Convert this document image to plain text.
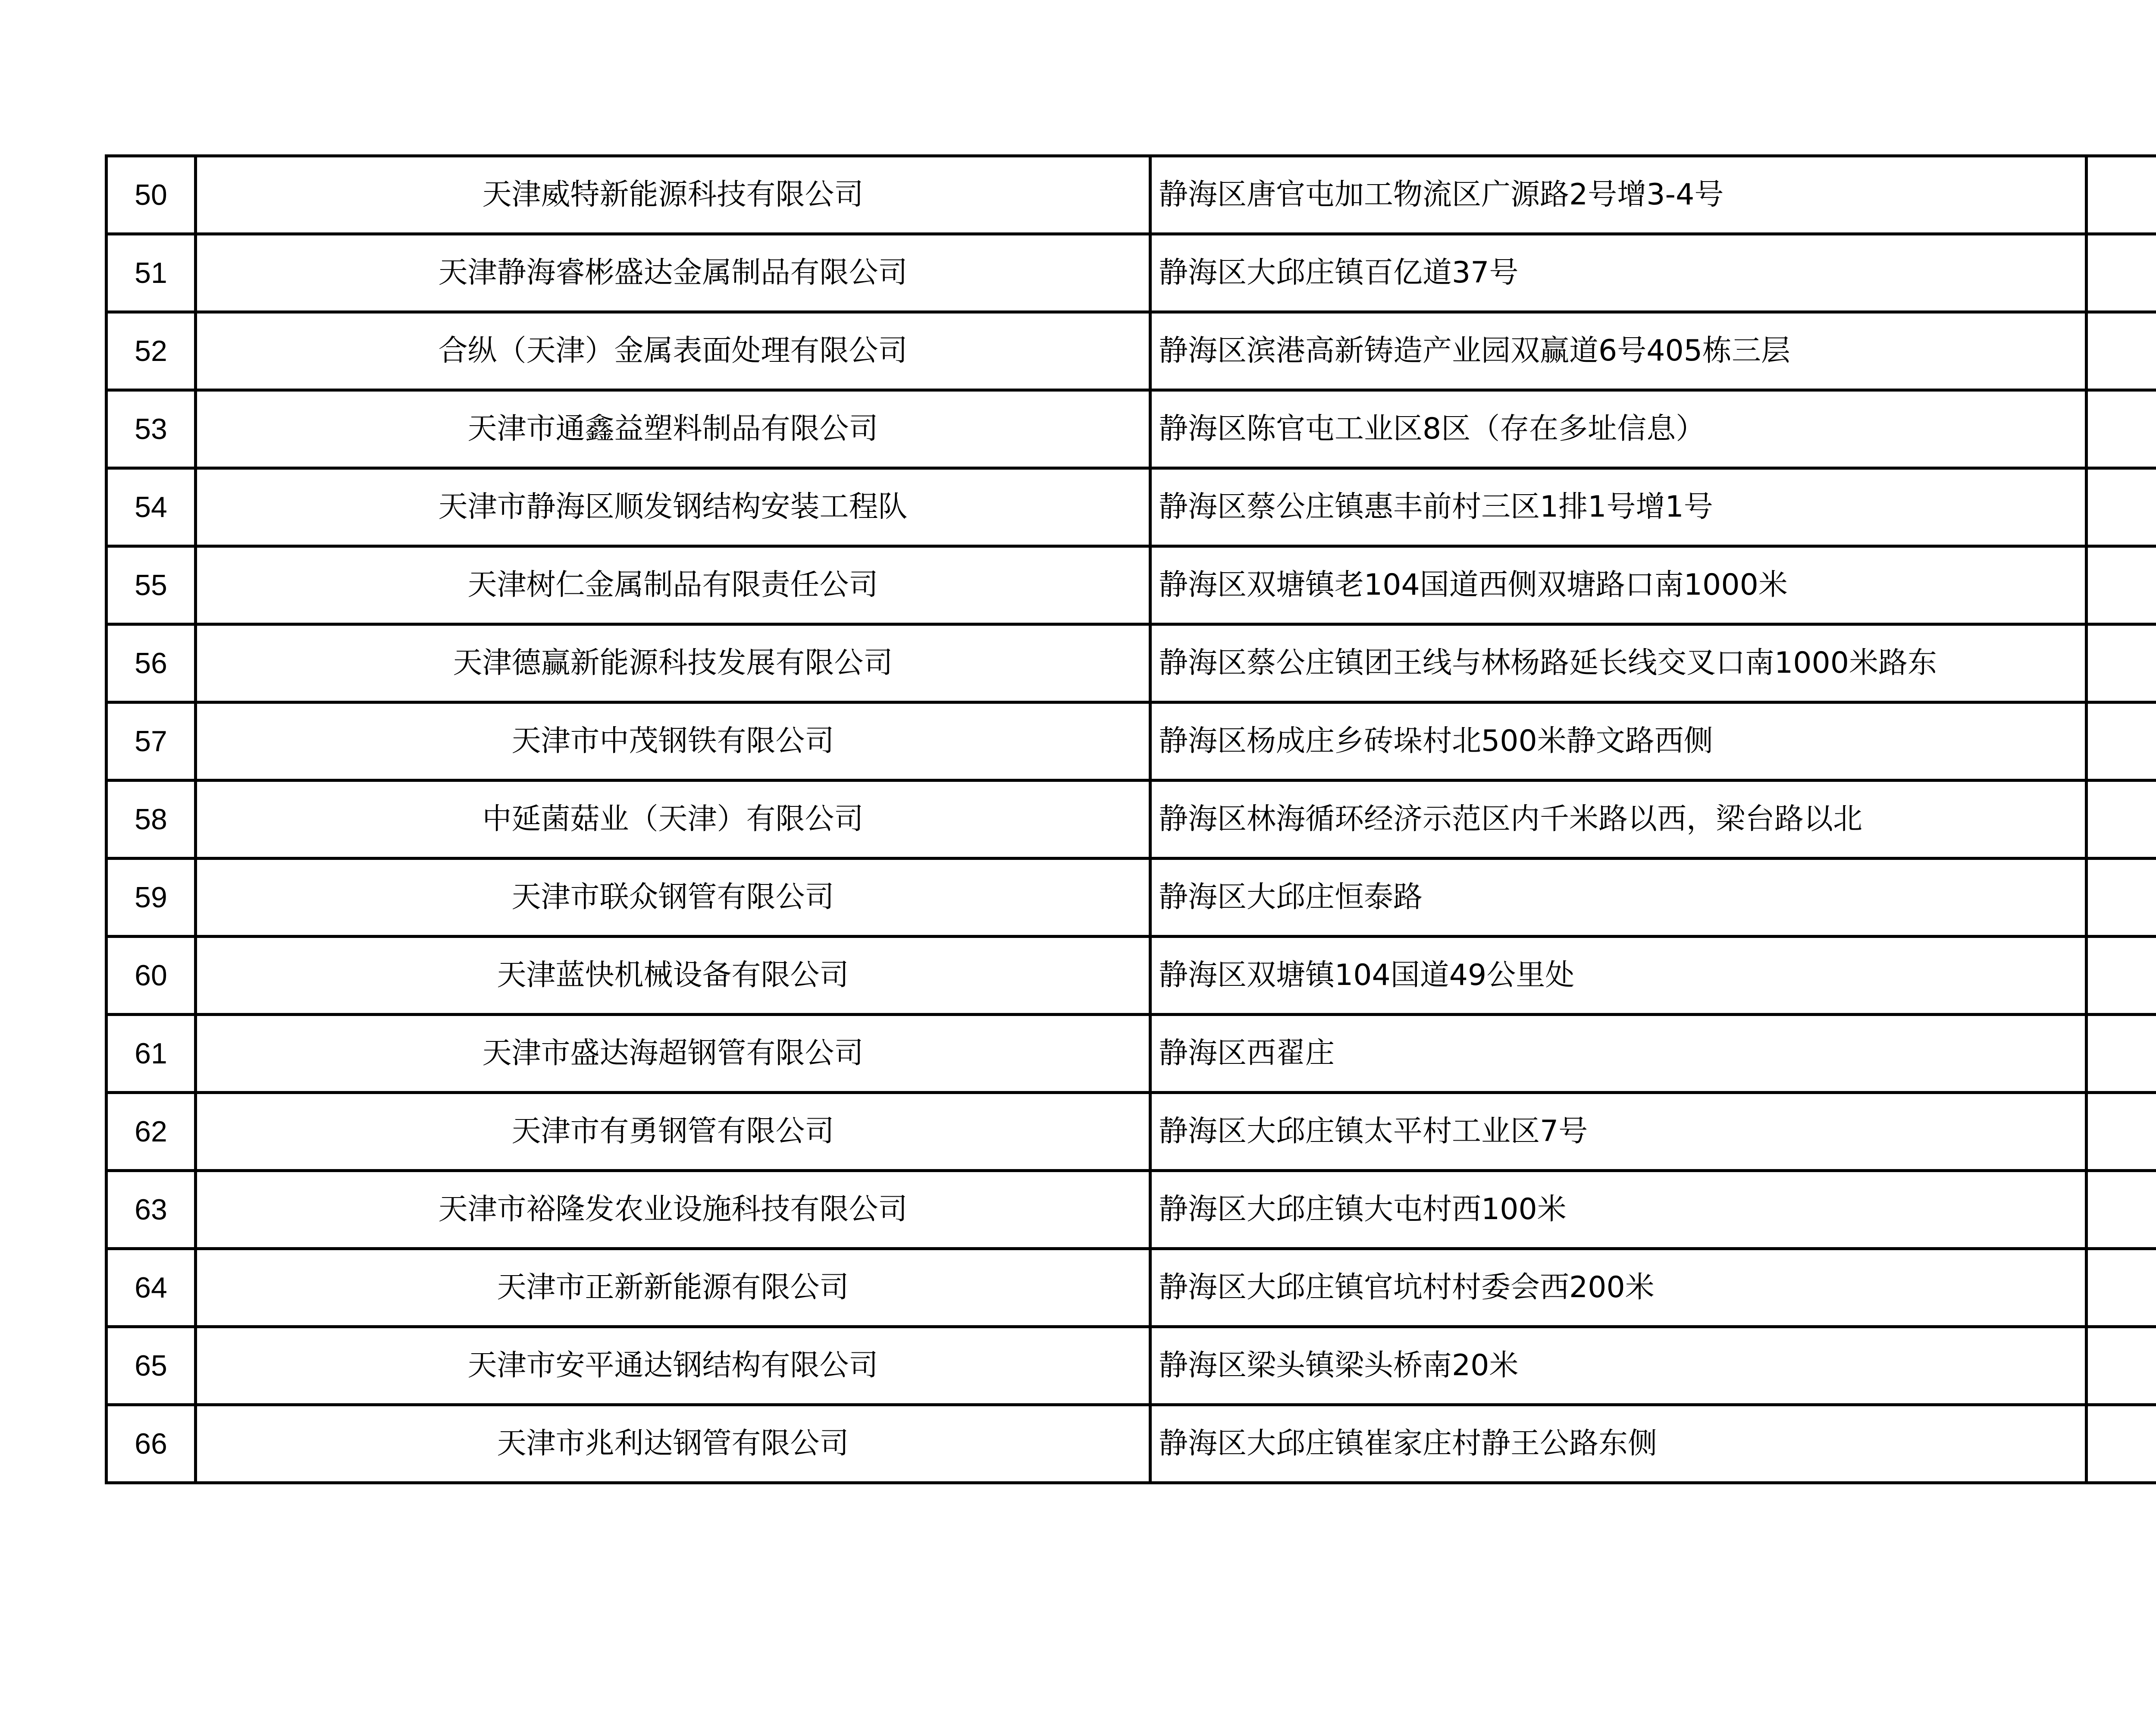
50	天津威特新能源科技有限公司	静海区唐官屯加工物流区广源路2号增3-4号	
51	天津静海睿彬盛达金属制品有限公司	静海区大邱庄镇百亿道37号	
52	合纵（天津）金属表面处理有限公司	静海区滨港高新铸造产业园双赢道6号405栋三层	
53	天津市通鑫益塑料制品有限公司	静海区陈官屯工业区8区（存在多址信息）	
54	天津市静海区顺发钢结构安装工程队	静海区蔡公庄镇惠丰前村三区1排1号增1号	
55	天津树仁金属制品有限责任公司	静海区双塘镇老104国道西侧双塘路口南1000米	
56	天津德赢新能源科技发展有限公司	静海区蔡公庄镇团王线与林杨路延长线交叉口南1000米路东	
57	天津市中茂钢铁有限公司	静海区杨成庄乡砖垛村北500米静文路西侧	
58	中延菌菇业（天津）有限公司	静海区林海循环经济示范区内千米路以西，梁台路以北	
59	天津市联众钢管有限公司	静海区大邱庄恒泰路	
60	天津蓝快机械设备有限公司	静海区双塘镇104国道49公里处	
61	天津市盛达海超钢管有限公司	静海区西翟庄	
62	天津市有勇钢管有限公司	静海区大邱庄镇太平村工业区7号	
63	天津市裕隆发农业设施科技有限公司	静海区大邱庄镇大屯村西100米	
64	天津市正新新能源有限公司	静海区大邱庄镇官坑村村委会西200米	
65	天津市安平通达钢结构有限公司	静海区梁头镇梁头桥南20米	
66	天津市兆利达钢管有限公司	静海区大邱庄镇崔家庄村静王公路东侧	
